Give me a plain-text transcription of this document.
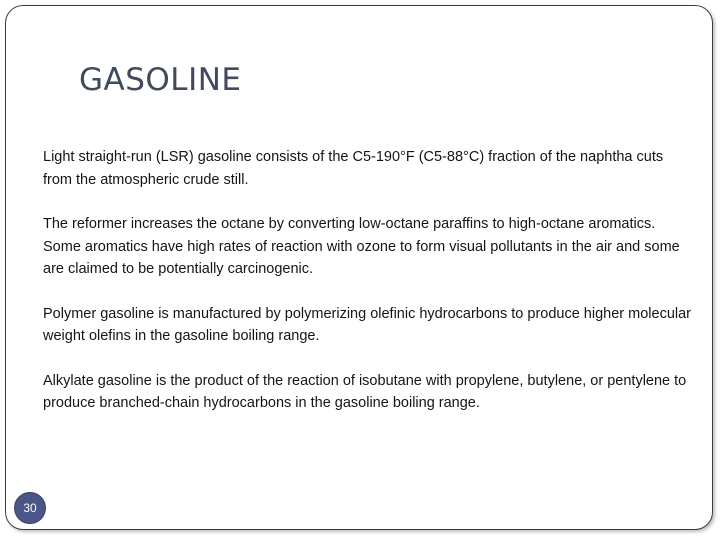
GASOLINE

Light straight-run (LSR) gasoline consists of the C5-190°F (C5-88°C) fraction of the naphtha cuts from the atmospheric crude still.

The reformer increases the octane by converting low-octane paraffins to high-octane aromatics. Some aromatics have high rates of reaction with ozone to form visual pollutants in the air and some are claimed to be potentially carcinogenic.

Polymer gasoline is manufactured by polymerizing olefinic hydrocarbons to produce higher molecular weight olefins in the gasoline boiling range.

Alkylate gasoline is the product of the reaction of isobutane with propylene, butylene, or pentylene to produce branched-chain hydrocarbons in the gasoline boiling range.

30
